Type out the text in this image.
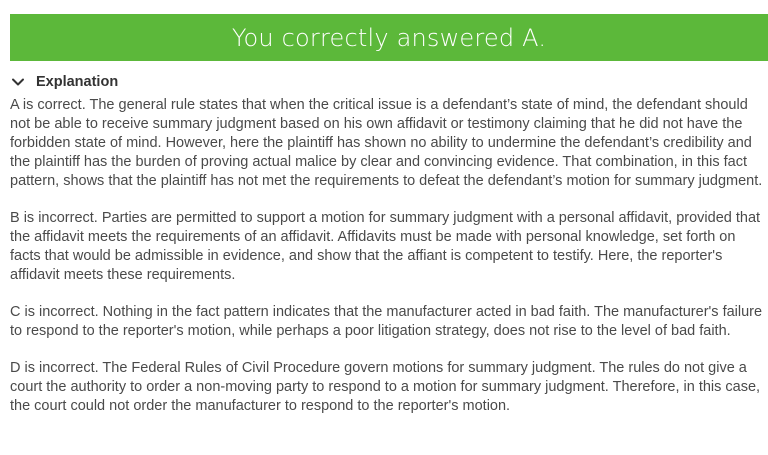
You correctly answered A.
Explanation

A is correct. The general rule states that when the critical issue is a defendant’s state of mind, the defendant should not be able to receive summary judgment based on his own affidavit or testimony claiming that he did not have the forbidden state of mind. However, here the plaintiff has shown no ability to undermine the defendant’s credibility and the plaintiff has the burden of proving actual malice by clear and convincing evidence. That combination, in this fact pattern, shows that the plaintiff has not met the requirements to defeat the defendant’s motion for summary judgment.

B is incorrect. Parties are permitted to support a motion for summary judgment with a personal affidavit, provided that the affidavit meets the requirements of an affidavit. Affidavits must be made with personal knowledge, set forth on facts that would be admissible in evidence, and show that the affiant is competent to testify. Here, the reporter's affidavit meets these requirements.

C is incorrect. Nothing in the fact pattern indicates that the manufacturer acted in bad faith. The manufacturer's failure to respond to the reporter's motion, while perhaps a poor litigation strategy, does not rise to the level of bad faith.

D is incorrect. The Federal Rules of Civil Procedure govern motions for summary judgment. The rules do not give a court the authority to order a non-moving party to respond to a motion for summary judgment. Therefore, in this case, the court could not order the manufacturer to respond to the reporter's motion.
